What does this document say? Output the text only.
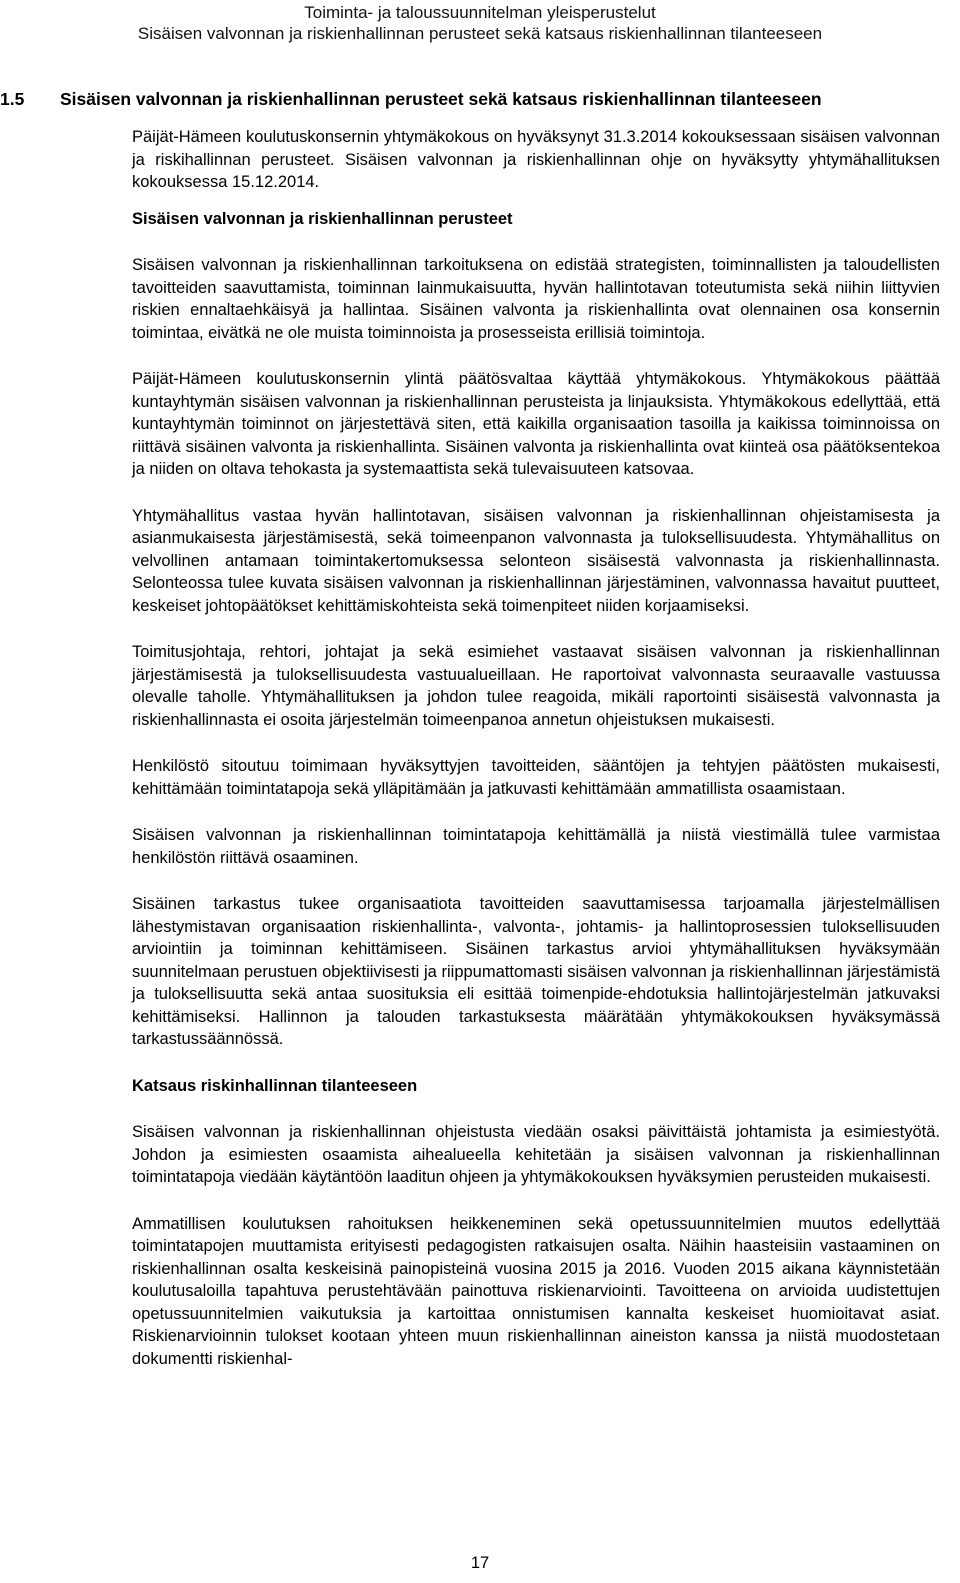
Toiminta- ja taloussuunnitelman yleisperustelut
Sisäisen valvonnan ja riskienhallinnan perusteet sekä katsaus riskienhallinnan tilanteeseen
1.5 Sisäisen valvonnan ja riskienhallinnan perusteet sekä katsaus riskienhallinnan tilanteeseen

Päijät-Hämeen koulutuskonsernin yhtymäkokous on hyväksynyt 31.3.2014 kokouksessaan sisäisen valvonnan ja riskihallinnan perusteet. Sisäisen valvonnan ja riskienhallinnan ohje on hyväksytty yhtymähallituksen kokouksessa 15.12.2014.

Sisäisen valvonnan ja riskienhallinnan perusteet

Sisäisen valvonnan ja riskienhallinnan tarkoituksena on edistää strategisten, toiminnallisten ja taloudellisten tavoitteiden saavuttamista, toiminnan lainmukaisuutta, hyvän hallintotavan toteutumista sekä niihin liittyvien riskien ennaltaehkäisyä ja hallintaa. Sisäinen valvonta ja riskienhallinta ovat olennainen osa konsernin toimintaa, eivätkä ne ole muista toiminnoista ja prosesseista erillisiä toimintoja.

Päijät-Hämeen koulutuskonsernin ylintä päätösvaltaa käyttää yhtymäkokous. Yhtymäkokous päättää kuntayhtymän sisäisen valvonnan ja riskienhallinnan perusteista ja linjauksista. Yhtymäkokous edellyttää, että kuntayhtymän toiminnot on järjestettävä siten, että kaikilla organisaation tasoilla ja kaikissa toiminnoissa on riittävä sisäinen valvonta ja riskienhallinta. Sisäinen valvonta ja riskienhallinta ovat kiinteä osa päätöksentekoa ja niiden on oltava tehokasta ja systemaattista sekä tulevaisuuteen katsovaa.

Yhtymähallitus vastaa hyvän hallintotavan, sisäisen valvonnan ja riskienhallinnan ohjeistamisesta ja asianmukaisesta järjestämisestä, sekä toimeenpanon valvonnasta ja tuloksellisuudesta. Yhtymähallitus on velvollinen antamaan toimintakertomuksessa selonteon sisäisestä valvonnasta ja riskienhallinnasta. Selonteossa tulee kuvata sisäisen valvonnan ja riskienhallinnan järjestäminen, valvonnassa havaitut puutteet, keskeiset johtopäätökset kehittämiskohteista sekä toimenpiteet niiden korjaamiseksi.

Toimitusjohtaja, rehtori, johtajat ja sekä esimiehet vastaavat sisäisen valvonnan ja riskienhallinnan järjestämisestä ja tuloksellisuudesta vastuualueillaan. He raportoivat valvonnasta seuraavalle vastuussa olevalle taholle. Yhtymähallituksen ja johdon tulee reagoida, mikäli raportointi sisäisestä valvonnasta ja riskienhallinnasta ei osoita järjestelmän toimeenpanoa annetun ohjeistuksen mukaisesti.

Henkilöstö sitoutuu toimimaan hyväksyttyjen tavoitteiden, sääntöjen ja tehtyjen päätösten mukaisesti, kehittämään toimintatapoja sekä ylläpitämään ja jatkuvasti kehittämään ammatillista osaamistaan.

Sisäisen valvonnan ja riskienhallinnan toimintatapoja kehittämällä ja niistä viestimällä tulee varmistaa henkilöstön riittävä osaaminen.

Sisäinen tarkastus tukee organisaatiota tavoitteiden saavuttamisessa tarjoamalla järjestelmällisen lähestymistavan organisaation riskienhallinta-, valvonta-, johtamis- ja hallintoprosessien tuloksellisuuden arviointiin ja toiminnan kehittämiseen. Sisäinen tarkastus arvioi yhtymähallituksen hyväksymään suunnitelmaan perustuen objektiivisesti ja riippumattomasti sisäisen valvonnan ja riskienhallinnan järjestämistä ja tuloksellisuutta sekä antaa suosituksia eli esittää toimenpide-ehdotuksia hallintojärjestelmän jatkuvaksi kehittämiseksi. Hallinnon ja talouden tarkastuksesta määrätään yhtymäkokouksen hyväksymässä tarkastussäännössä.

Katsaus riskinhallinnan tilanteeseen

Sisäisen valvonnan ja riskienhallinnan ohjeistusta viedään osaksi päivittäistä johtamista ja esimiestyötä. Johdon ja esimiesten osaamista aihealueella kehitetään ja sisäisen valvonnan ja riskienhallinnan toimintatapoja viedään käytäntöön laaditun ohjeen ja yhtymäkokouksen hyväksymien perusteiden mukaisesti.

Ammatillisen koulutuksen rahoituksen heikkeneminen sekä opetussuunnitelmien muutos edellyttää toimintatapojen muuttamista erityisesti pedagogisten ratkaisujen osalta. Näihin haasteisiin vastaaminen on riskienhallinnan osalta keskeisinä painopisteinä vuosina 2015 ja 2016. Vuoden 2015 aikana käynnistetään koulutusaloilla tapahtuva perustehtävään painottuva riskienarviointi. Tavoitteena on arvioida uudistettujen opetussuunnitelmien vaikutuksia ja kartoittaa onnistumisen kannalta keskeiset huomioitavat asiat. Riskienarvioinnin tulokset kootaan yhteen muun riskienhallinnan aineiston kanssa ja niistä muodostetaan dokumentti riskienhal-

17
